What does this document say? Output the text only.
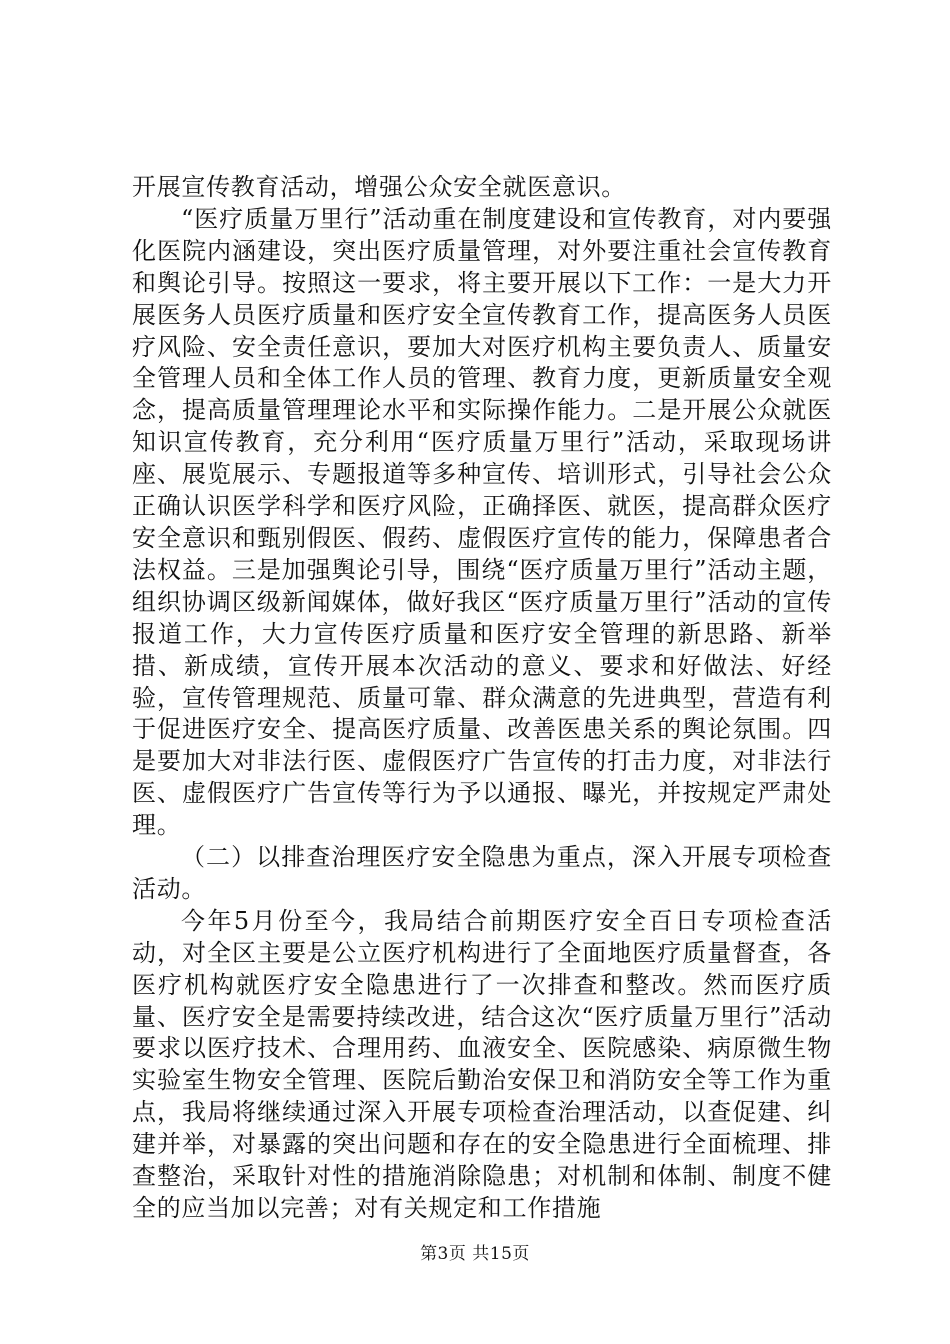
开展宣传教育活动，增强公众安全就医意识。

“医疗质量万里行”活动重在制度建设和宣传教育，对内要强化医院内涵建设，突出医疗质量管理，对外要注重社会宣传教育和舆论引导。按照这一要求，将主要开展以下工作：一是大力开展医务人员医疗质量和医疗安全宣传教育工作，提高医务人员医疗风险、安全责任意识，要加大对医疗机构主要负责人、质量安全管理人员和全体工作人员的管理、教育力度，更新质量安全观念，提高质量管理理论水平和实际操作能力。二是开展公众就医知识宣传教育，充分利用“医疗质量万里行”活动，采取现场讲座、展览展示、专题报道等多种宣传、培训形式，引导社会公众正确认识医学科学和医疗风险，正确择医、就医，提高群众医疗安全意识和甄别假医、假药、虚假医疗宣传的能力，保障患者合法权益。三是加强舆论引导，围绕“医疗质量万里行”活动主题，组织协调区级新闻媒体，做好我区“医疗质量万里行”活动的宣传报道工作，大力宣传医疗质量和医疗安全管理的新思路、新举措、新成绩，宣传开展本次活动的意义、要求和好做法、好经验，宣传管理规范、质量可靠、群众满意的先进典型，营造有利于促进医疗安全、提高医疗质量、改善医患关系的舆论氛围。四是要加大对非法行医、虚假医疗广告宣传的打击力度，对非法行医、虚假医疗广告宣传等行为予以通报、曝光，并按规定严肃处理。

（二）以排查治理医疗安全隐患为重点，深入开展专项检查活动。

今年5月份至今，我局结合前期医疗安全百日专项检查活动，对全区主要是公立医疗机构进行了全面地医疗质量督查，各医疗机构就医疗安全隐患进行了一次排查和整改。然而医疗质量、医疗安全是需要持续改进，结合这次“医疗质量万里行”活动要求以医疗技术、合理用药、血液安全、医院感染、病原微生物实验室生物安全管理、医院后勤治安保卫和消防安全等工作为重点，我局将继续通过深入开展专项检查治理活动，以查促建、纠建并举，对暴露的突出问题和存在的安全隐患进行全面梳理、排查整治，采取针对性的措施消除隐患；对机制和体制、制度不健全的应当加以完善；对有关规定和工作措施

第3页 共15页
